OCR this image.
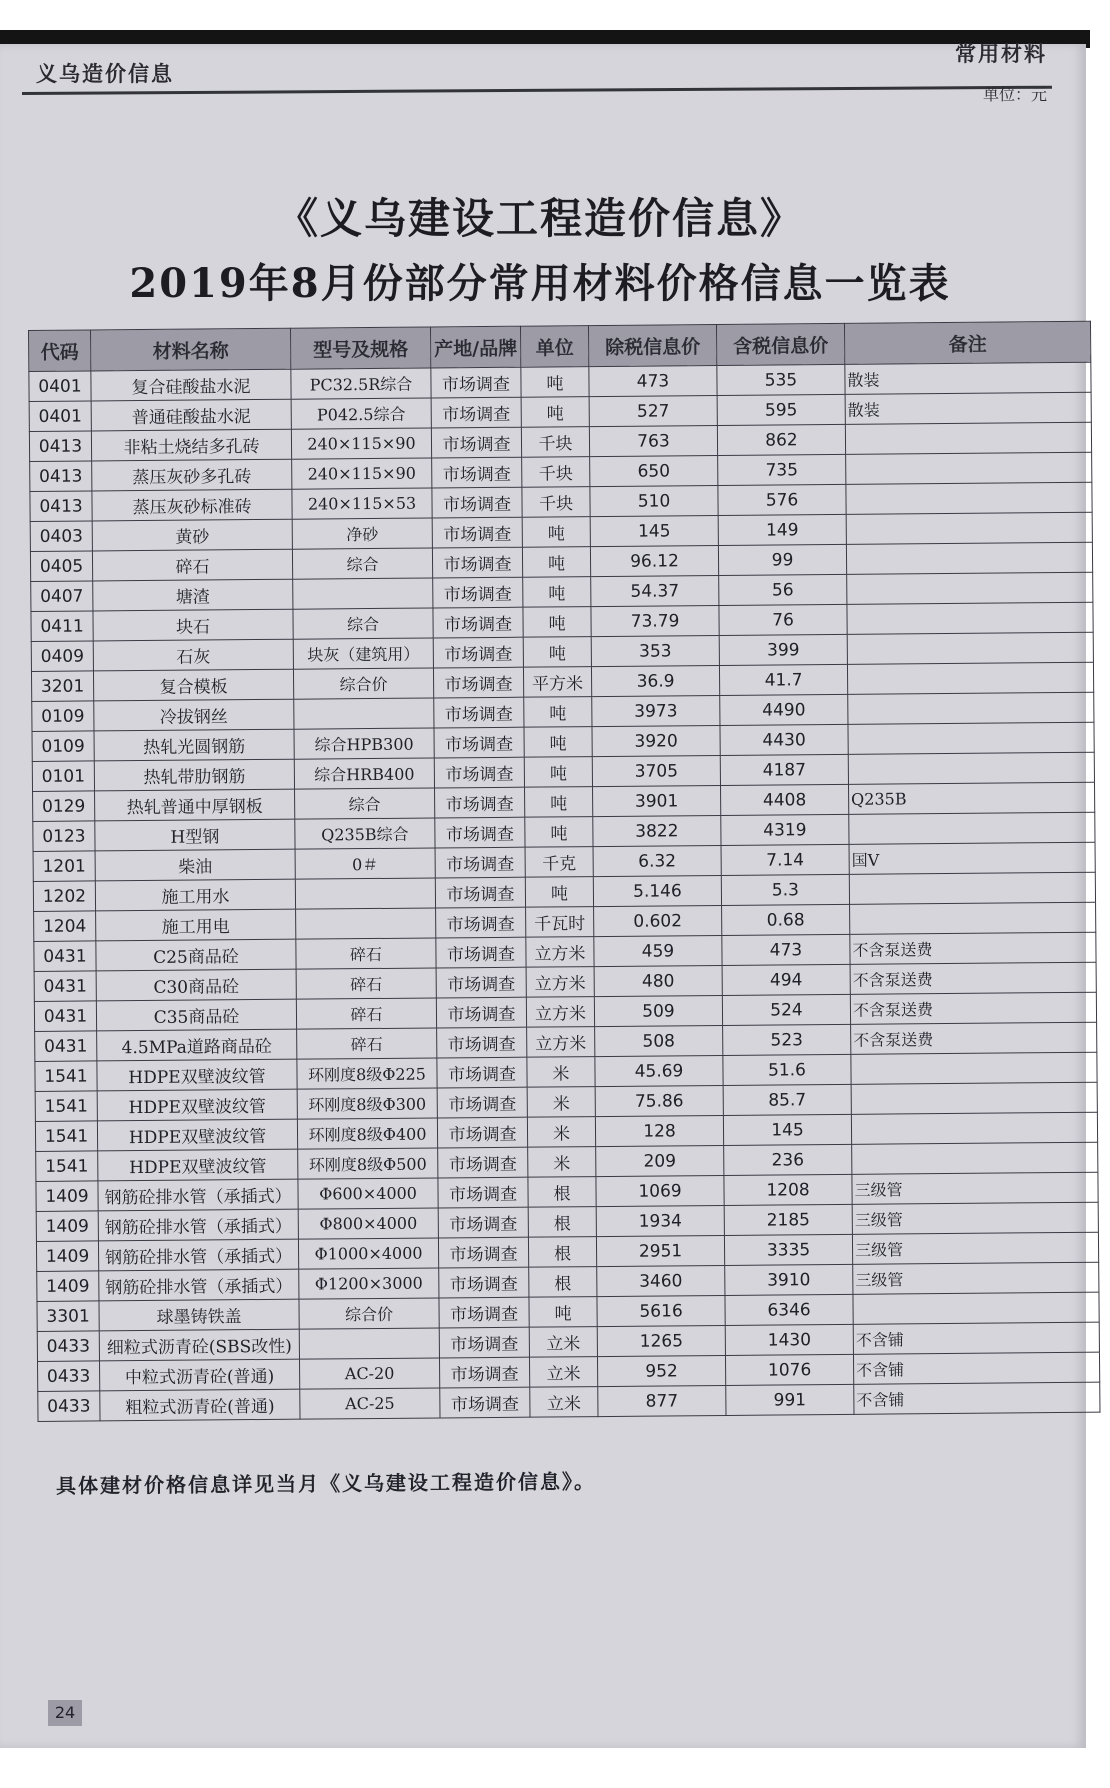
义乌造价信息
常用材料
单位：元
《义乌建设工程造价信息》
2019年8月份部分常用材料价格信息一览表
代码	材料名称	型号及规格	产地/品牌	单位	除税信息价	含税信息价	备注
0401	复合硅酸盐水泥	PC32.5R综合	市场调查	吨	473	535	散装
0401	普通硅酸盐水泥	P042.5综合	市场调查	吨	527	595	散装
0413	非粘土烧结多孔砖	240×115×90	市场调查	千块	763	862	
0413	蒸压灰砂多孔砖	240×115×90	市场调查	千块	650	735	
0413	蒸压灰砂标准砖	240×115×53	市场调查	千块	510	576	
0403	黄砂	净砂	市场调查	吨	145	149	
0405	碎石	综合	市场调查	吨	96.12	99	
0407	塘渣		市场调查	吨	54.37	56	
0411	块石	综合	市场调查	吨	73.79	76	
0409	石灰	块灰（建筑用）	市场调查	吨	353	399	
3201	复合模板	综合价	市场调查	平方米	36.9	41.7	
0109	冷拔钢丝		市场调查	吨	3973	4490	
0109	热轧光圆钢筋	综合HPB300	市场调查	吨	3920	4430	
0101	热轧带肋钢筋	综合HRB400	市场调查	吨	3705	4187	
0129	热轧普通中厚钢板	综合	市场调查	吨	3901	4408	Q235B
0123	H型钢	Q235B综合	市场调查	吨	3822	4319	
1201	柴油	0＃	市场调查	千克	6.32	7.14	国V
1202	施工用水		市场调查	吨	5.146	5.3	
1204	施工用电		市场调查	千瓦时	0.602	0.68	
0431	C25商品砼	碎石	市场调查	立方米	459	473	不含泵送费
0431	C30商品砼	碎石	市场调查	立方米	480	494	不含泵送费
0431	C35商品砼	碎石	市场调查	立方米	509	524	不含泵送费
0431	4.5MPa道路商品砼	碎石	市场调查	立方米	508	523	不含泵送费
1541	HDPE双壁波纹管	环刚度8级Φ225	市场调查	米	45.69	51.6	
1541	HDPE双壁波纹管	环刚度8级Φ300	市场调查	米	75.86	85.7	
1541	HDPE双壁波纹管	环刚度8级Φ400	市场调查	米	128	145	
1541	HDPE双壁波纹管	环刚度8级Φ500	市场调查	米	209	236	
1409	钢筋砼排水管（承插式）	Φ600×4000	市场调查	根	1069	1208	三级管
1409	钢筋砼排水管（承插式）	Φ800×4000	市场调查	根	1934	2185	三级管
1409	钢筋砼排水管（承插式）	Φ1000×4000	市场调查	根	2951	3335	三级管
1409	钢筋砼排水管（承插式）	Φ1200×3000	市场调查	根	3460	3910	三级管
3301	球墨铸铁盖	综合价	市场调查	吨	5616	6346	
0433	细粒式沥青砼(SBS改性)		市场调查	立米	1265	1430	不含铺
0433	中粒式沥青砼(普通)	AC-20	市场调查	立米	952	1076	不含铺
0433	粗粒式沥青砼(普通)	AC-25	市场调查	立米	877	991	不含铺
具体建材价格信息详见当月《义乌建设工程造价信息》。
24
